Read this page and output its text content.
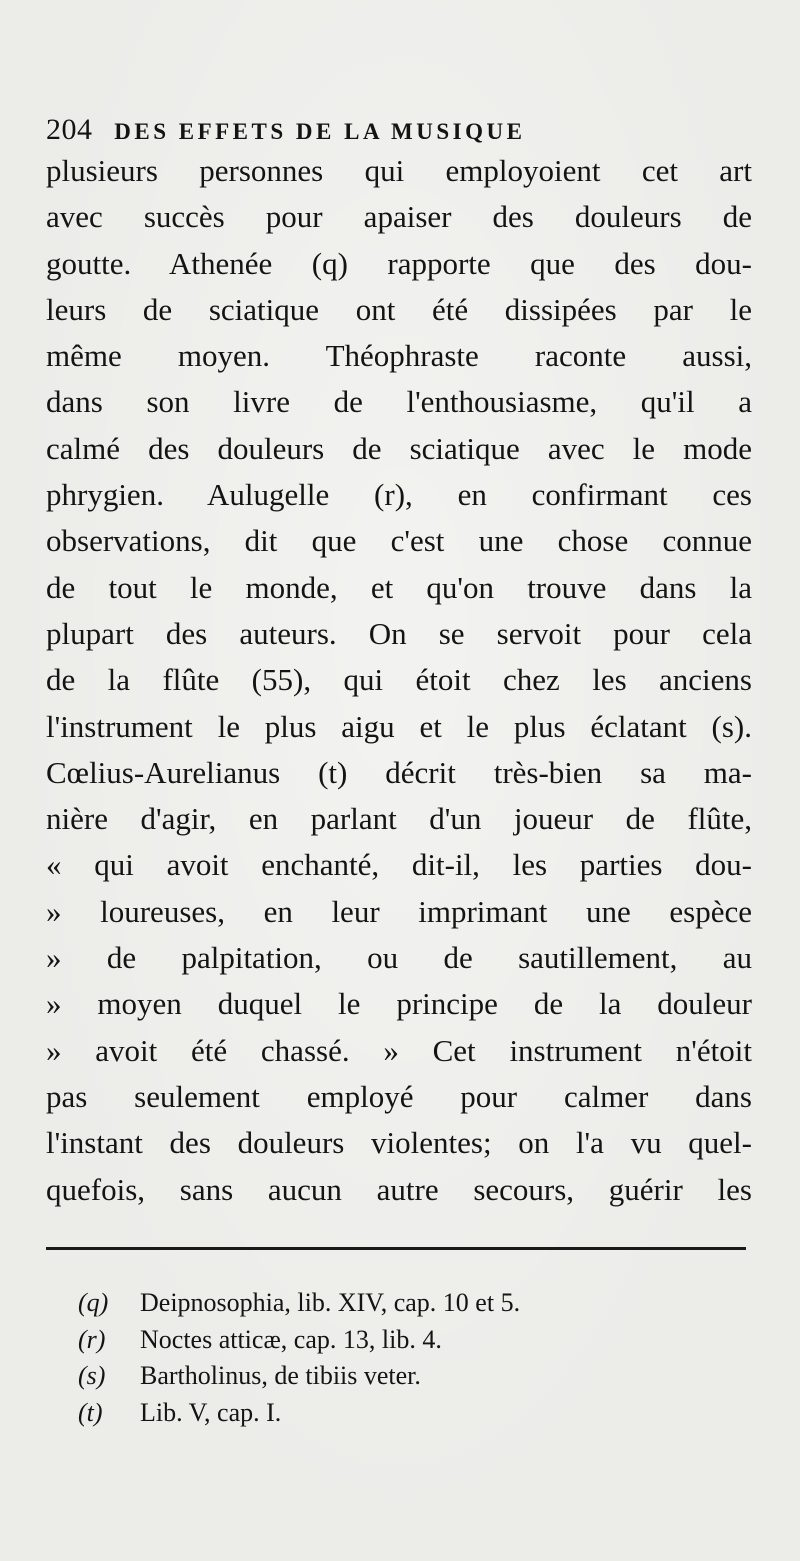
204 DES EFFETS DE LA MUSIQUE
plusieurs personnes qui employoient cet art
avec succès pour apaiser des douleurs de
goutte. Athenée (q) rapporte que des dou-
leurs de sciatique ont été dissipées par le
même moyen. Théophraste raconte aussi,
dans son livre de l'enthousiasme, qu'il a
calmé des douleurs de sciatique avec le mode
phrygien. Aulugelle (r), en confirmant ces
observations, dit que c'est une chose connue
de tout le monde, et qu'on trouve dans la
plupart des auteurs. On se servoit pour cela
de la flûte (55), qui étoit chez les anciens
l'instrument le plus aigu et le plus éclatant (s).
Cœlius-Aurelianus (t) décrit très-bien sa ma-
nière d'agir, en parlant d'un joueur de flûte,
« qui avoit enchanté, dit-il, les parties dou-
» loureuses, en leur imprimant une espèce
» de palpitation, ou de sautillement, au
» moyen duquel le principe de la douleur
» avoit été chassé. » Cet instrument n'étoit
pas seulement employé pour calmer dans
l'instant des douleurs violentes; on l'a vu quel-
quefois, sans aucun autre secours, guérir les
(q) Deipnosophia, lib. XIV, cap. 10 et 5.
(r) Noctes atticæ, cap. 13, lib. 4.
(s) Bartholinus, de tibiis veter.
(t) Lib. V, cap. I.
